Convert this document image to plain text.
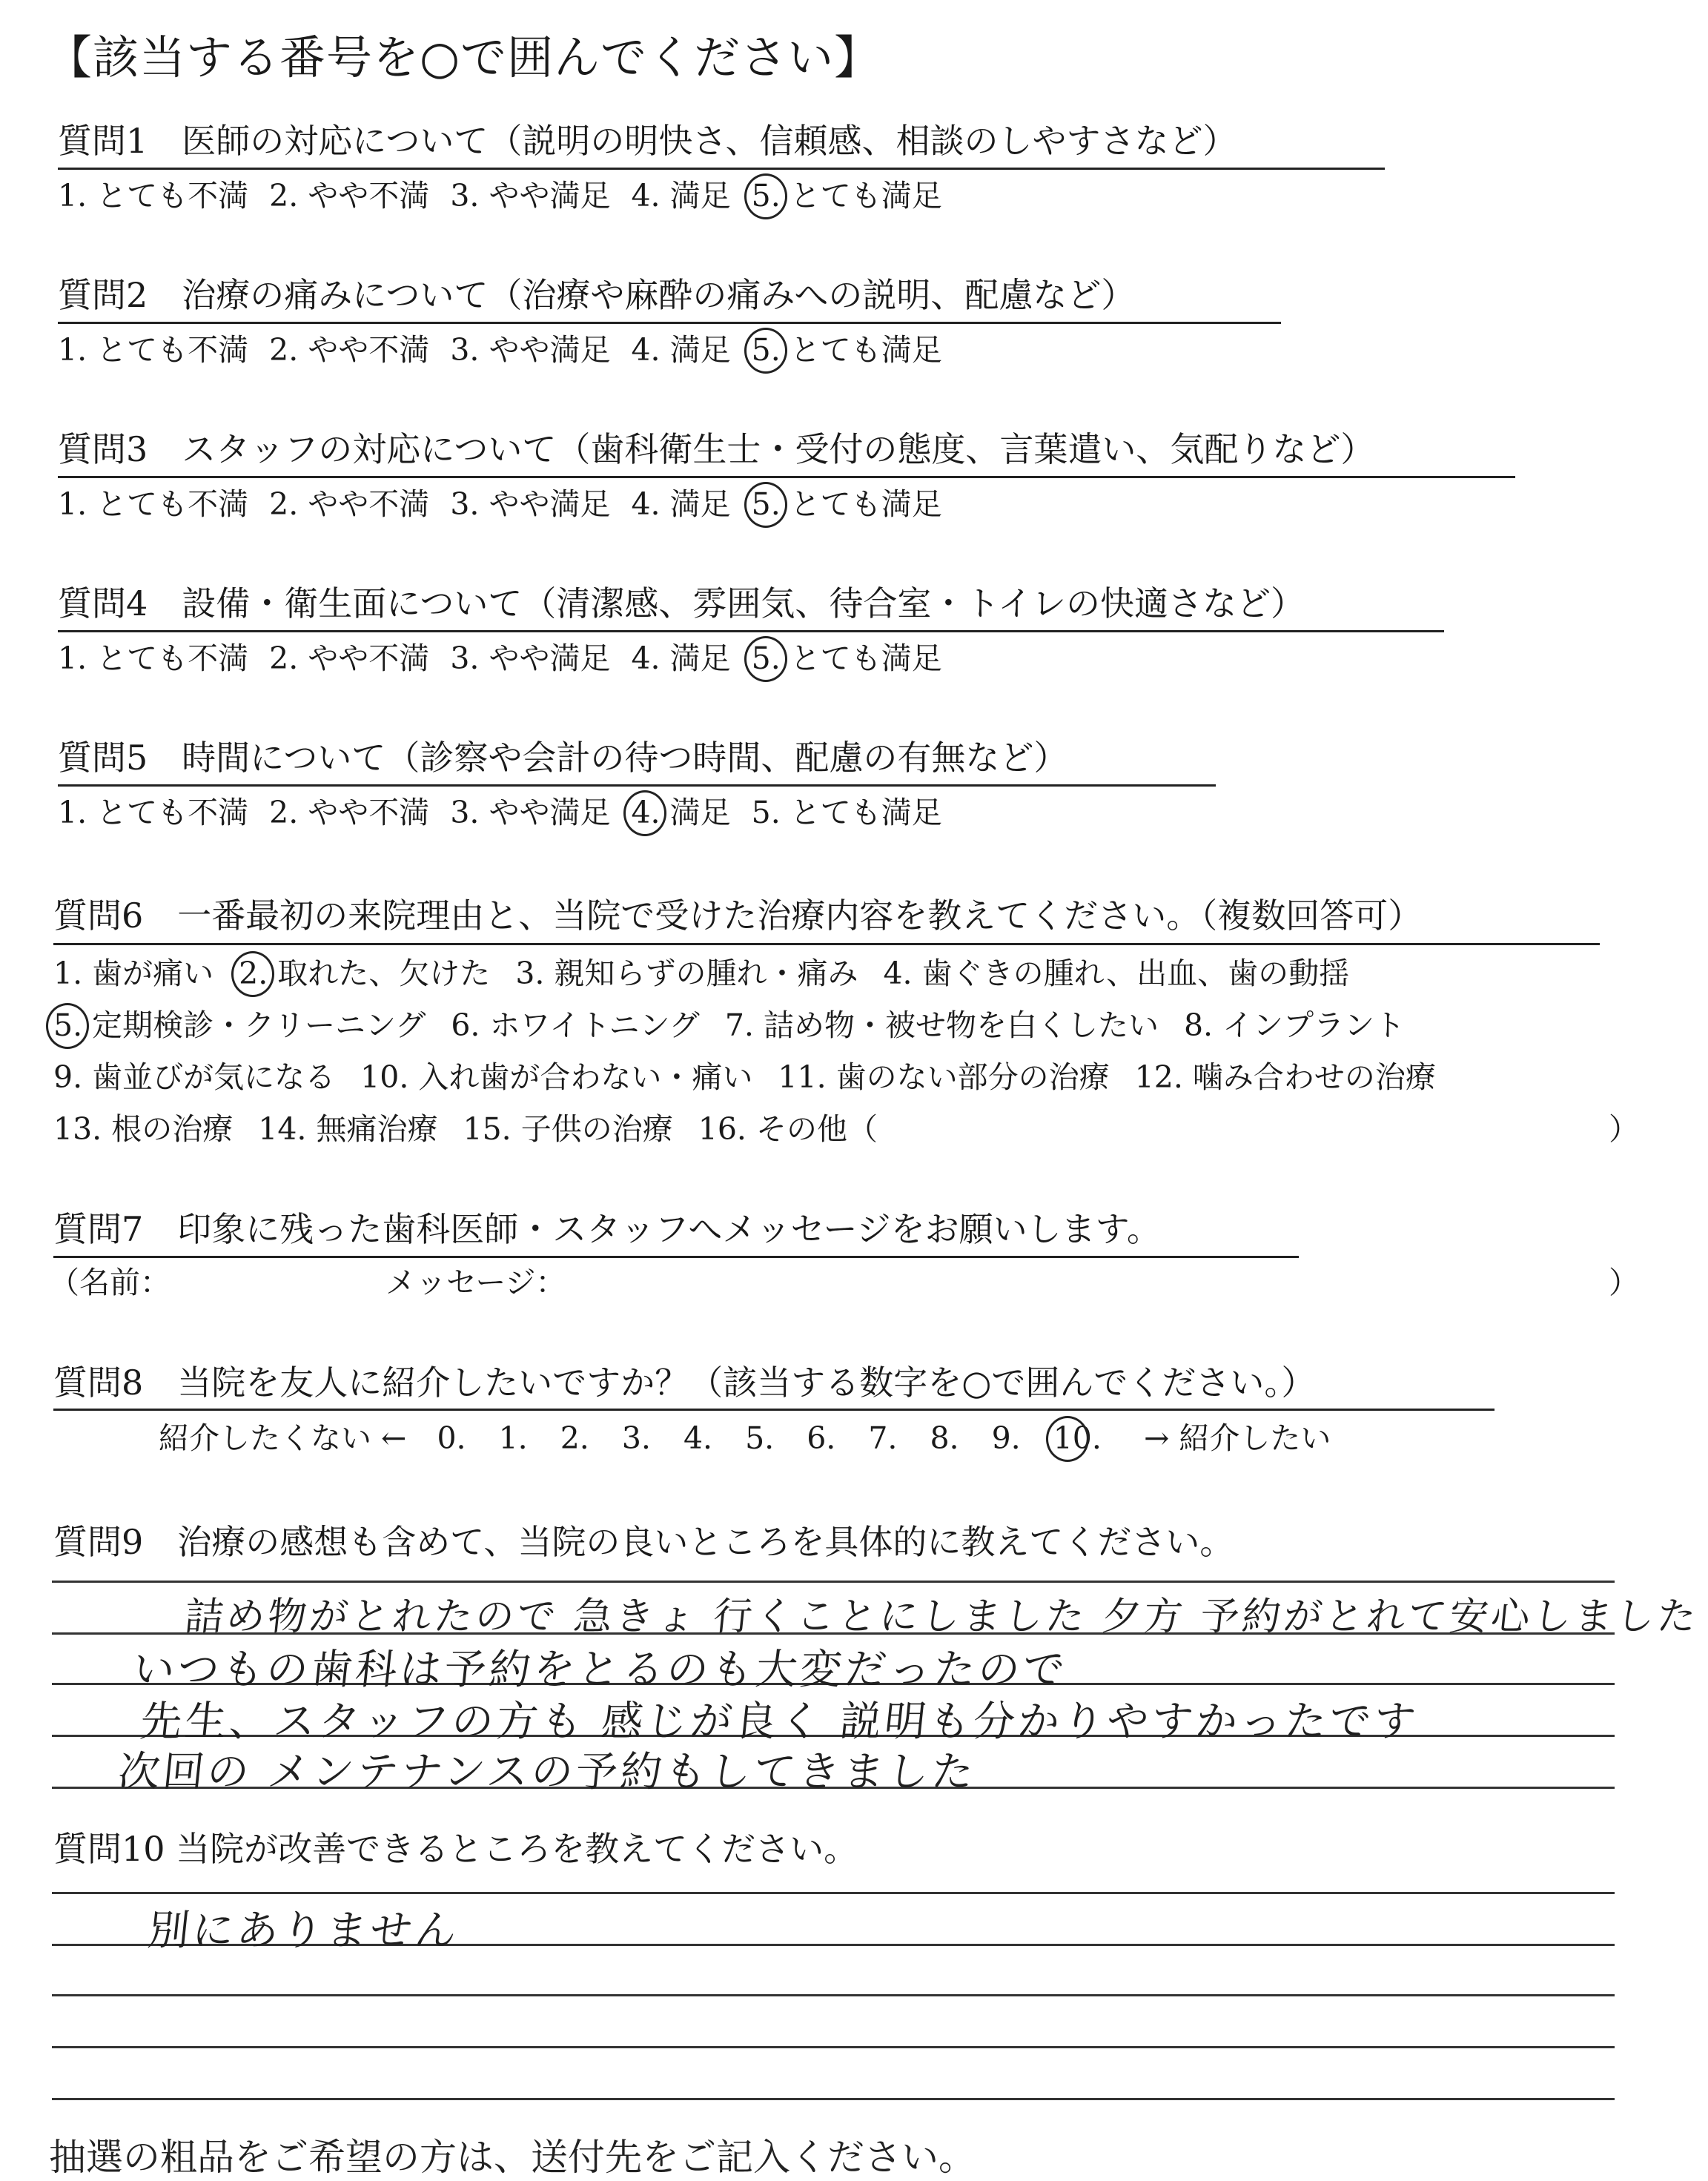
【該当する番号を○で囲んでください】
質問1　医師の対応について（説明の明快さ、信頼感、相談のしやすさなど）
1. とても不満 2. やや不満 3. やや満足 4. 満足 5. とても満足
質問2　治療の痛みについて（治療や麻酔の痛みへの説明、配慮など）
1. とても不満 2. やや不満 3. やや満足 4. 満足 5. とても満足
質問3　スタッフの対応について（歯科衛生士・受付の態度、言葉遣い、気配りなど）
1. とても不満 2. やや不満 3. やや満足 4. 満足 5. とても満足
質問4　設備・衛生面について（清潔感、雰囲気、待合室・トイレの快適さなど）
1. とても不満 2. やや不満 3. やや満足 4. 満足 5. とても満足
質問5　時間について（診察や会計の待つ時間、配慮の有無など）
1. とても不満 2. やや不満 3. やや満足 4. 満足 5. とても満足
質問6　一番最初の来院理由と、当院で受けた治療内容を教えてください。（複数回答可）
1. 歯が痛い 2. 取れた、欠けた 3. 親知らずの腫れ・痛み 4. 歯ぐきの腫れ、出血、歯の動揺
5. 定期検診・クリーニング 6. ホワイトニング 7. 詰め物・被せ物を白くしたい 8. インプラント
9. 歯並びが気になる 10. 入れ歯が合わない・痛い 11. 歯のない部分の治療 12. 噛み合わせの治療
13. 根の治療 14. 無痛治療 15. 子供の治療 16. その他（	）
質問7　印象に残った歯科医師・スタッフへメッセージをお願いします。
（名前：	メッセージ：	）
質問8　当院を友人に紹介したいですか？（該当する数字を○で囲んでください。）
紹介したくない ← 0. 1. 2. 3. 4. 5. 6. 7. 8. 9. 10. → 紹介したい
質問9　治療の感想も含めて、当院の良いところを具体的に教えてください。
詰め物がとれたので 急きょ 行くことにしました 夕方 予約がとれて安心しました
いつもの歯科は予約をとるのも大変だったので
先生、スタッフの方も 感じが良く 説明も分かりやすかったです
次回の メンテナンスの予約もしてきました
質問10 当院が改善できるところを教えてください。
別にありません
抽選の粗品をご希望の方は、送付先をご記入ください。
